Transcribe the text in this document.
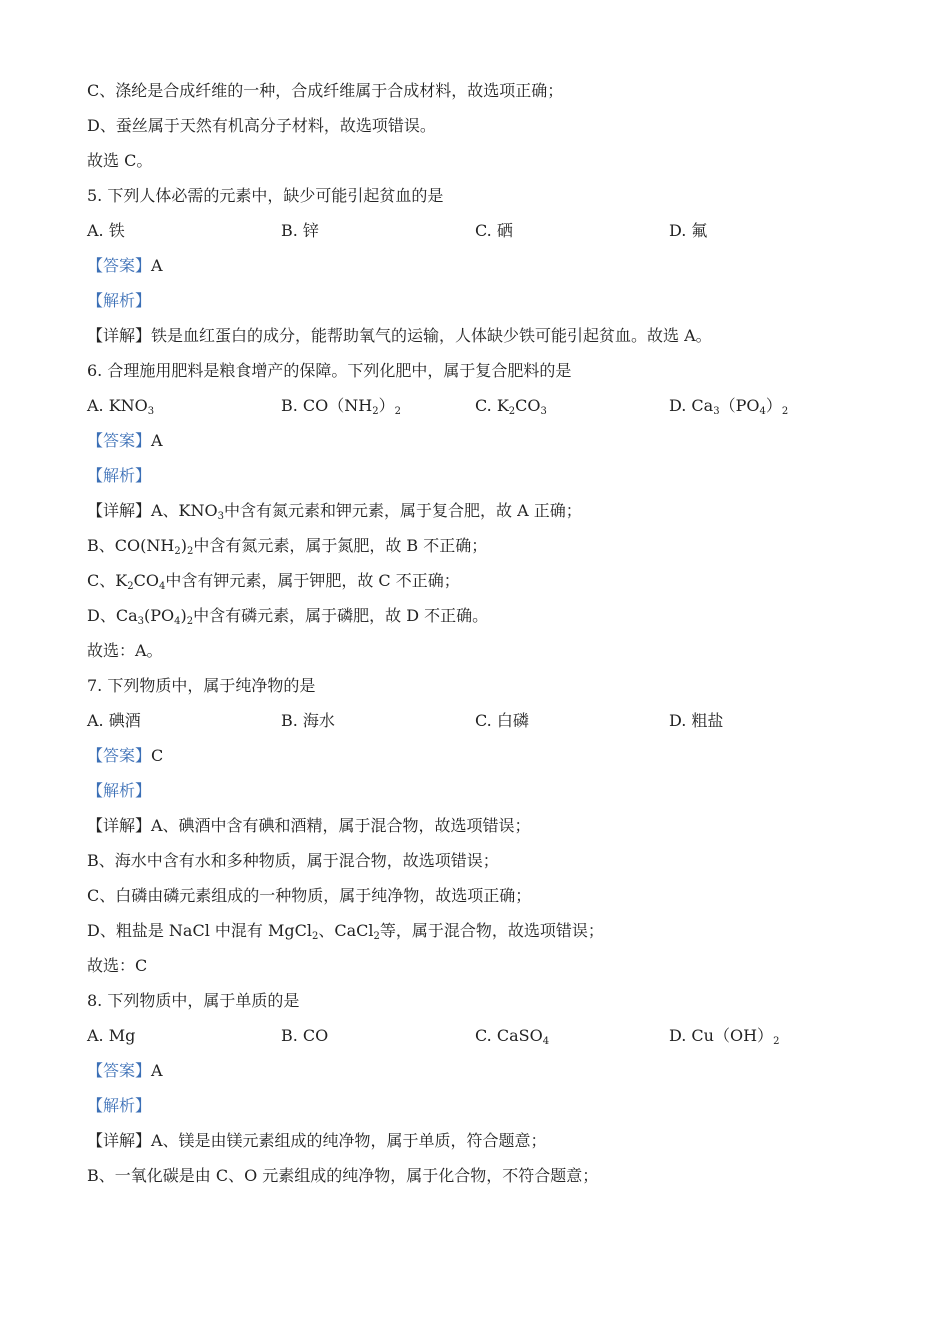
C、涤纶是合成纤维的一种，合成纤维属于合成材料，故选项正确；
D、蚕丝属于天然有机高分子材料，故选项错误。
故选 C。
5. 下列人体必需的元素中，缺少可能引起贫血的是
A. 铁	B. 锌	C. 硒	D. 氟
【答案】A
【解析】
【详解】铁是血红蛋白的成分，能帮助氧气的运输，人体缺少铁可能引起贫血。故选 A。
6. 合理施用肥料是粮食增产的保障。下列化肥中，属于复合肥料的是
A. $KNO_3$	B. $CO(NH_2)_2$	C. $K_2CO_3$	D. $Ca_3(PO_4)_2$
【答案】A
【解析】
【详解】A、$KNO_3$中含有氮元素和钾元素，属于复合肥，故 A 正确；
B、$CO(NH_2)_2$中含有氮元素，属于氮肥，故 B 不正确；
C、$K_2CO_4$中含有钾元素，属于钾肥，故 C 不正确；
D、$Ca_3(PO_4)_2$中含有磷元素，属于磷肥，故 D 不正确。
故选：A。
7. 下列物质中，属于纯净物的是
A. 碘酒	B. 海水	C. 白磷	D. 粗盐
【答案】C
【解析】
【详解】A、碘酒中含有碘和酒精，属于混合物，故选项错误；
B、海水中含有水和多种物质，属于混合物，故选项错误；
C、白磷由磷元素组成的一种物质，属于纯净物，故选项正确；
D、粗盐是 NaCl 中混有 MgCl$_2$、CaCl$_2$等，属于混合物，故选项错误；
故选：C
8. 下列物质中，属于单质的是
A. Mg	B. CO	C. CaSO$_4$	D. $Cu(OH)_2$
【答案】A
【解析】
【详解】A、镁是由镁元素组成的纯净物，属于单质，符合题意；
B、一氧化碳是由 C、O 元素组成的纯净物，属于化合物，不符合题意；
